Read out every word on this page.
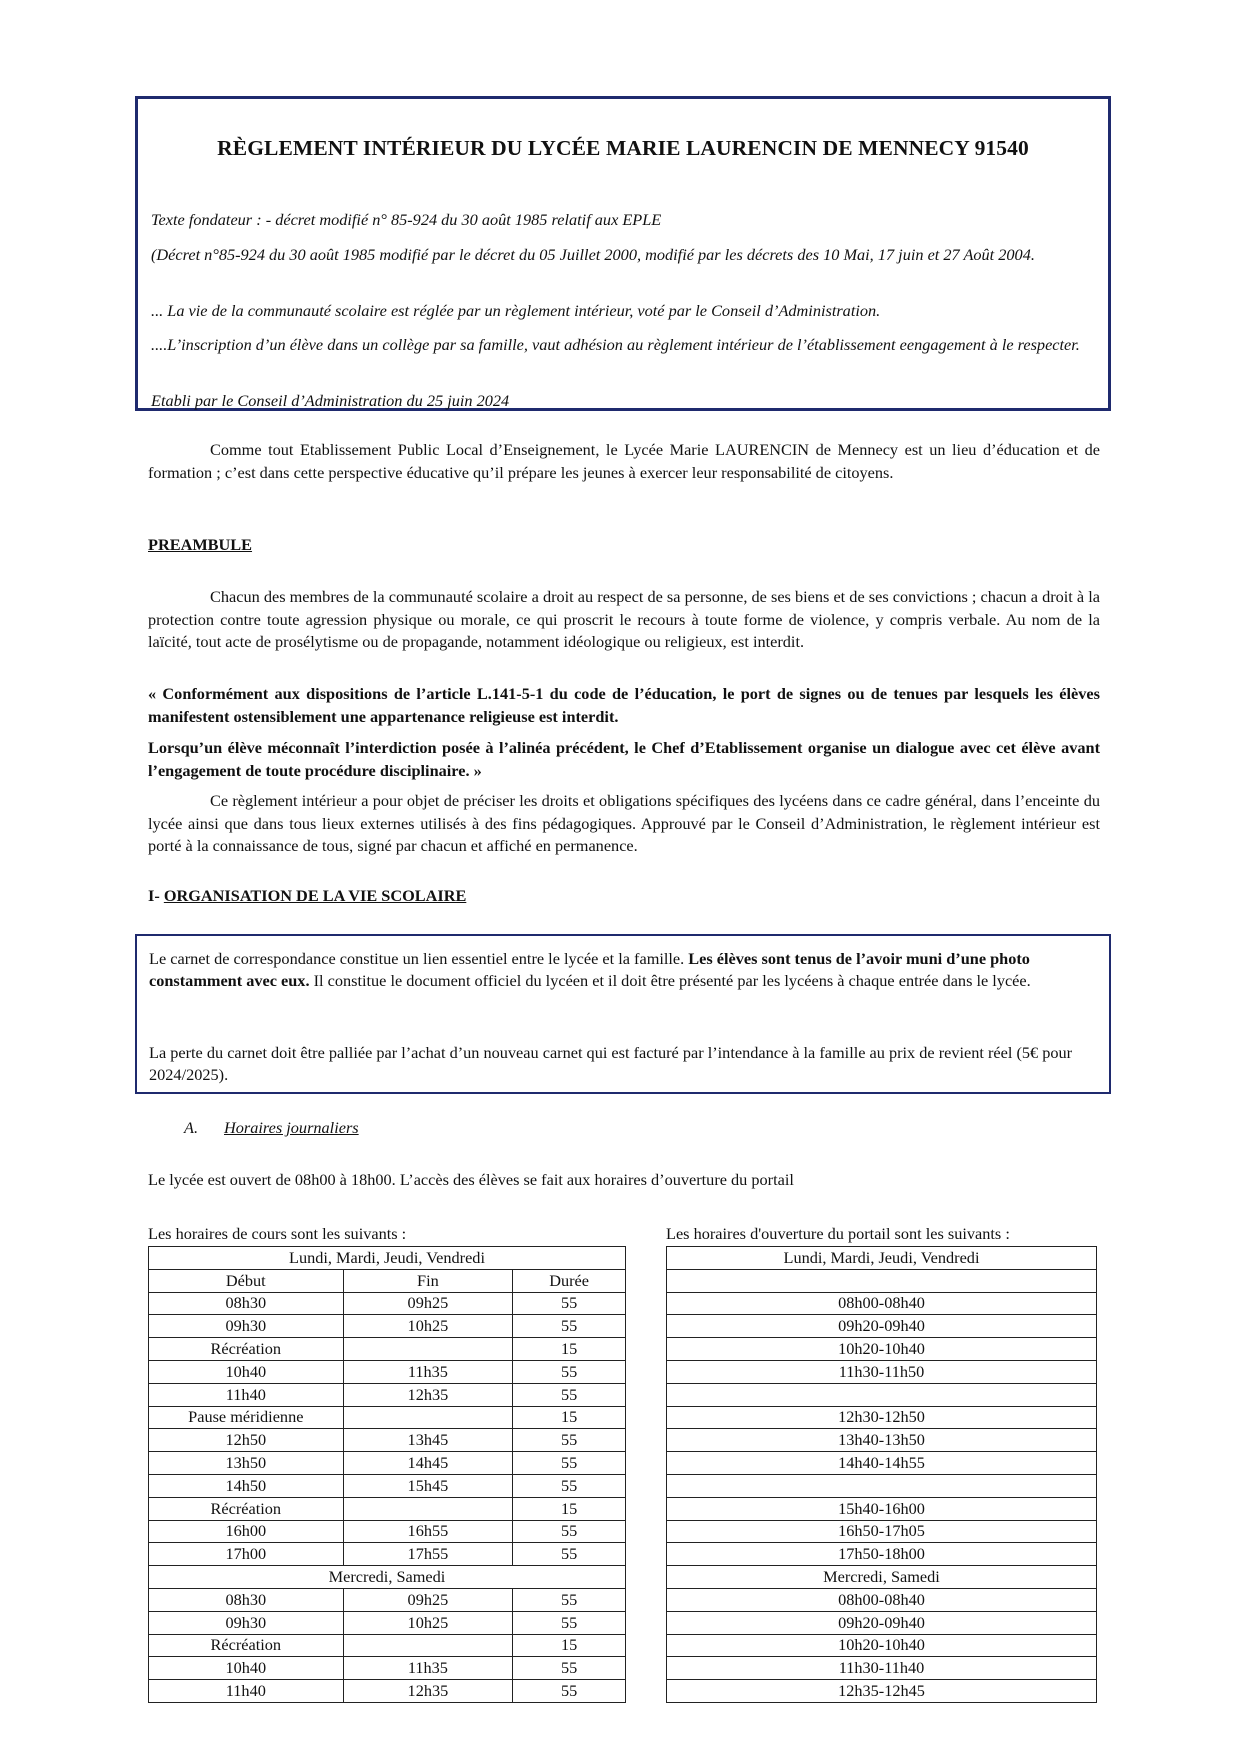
RÈGLEMENT INTÉRIEUR DU LYCÉE MARIE LAURENCIN DE MENNECY 91540

Texte fondateur : - décret modifié n° 85-924 du 30 août 1985 relatif aux EPLE

(Décret n°85-924 du 30 août 1985 modifié par le décret du 05 Juillet 2000, modifié par les décrets des 10 Mai, 17 juin et 27 Août 2004.

... La vie de la communauté scolaire est réglée par un règlement intérieur, voté par le Conseil d’Administration.

....L’inscription d’un élève dans un collège par sa famille, vaut adhésion au règlement intérieur de l’établissement eengagement à le respecter.

Etabli par le Conseil d’Administration du 25 juin 2024

Comme tout Etablissement Public Local d’Enseignement, le Lycée Marie LAURENCIN de Mennecy est un lieu d’éducation et de formation ; c’est dans cette perspective éducative qu’il prépare les jeunes à exercer leur responsabilité de citoyens.

PREAMBULE

Chacun des membres de la communauté scolaire a droit au respect de sa personne, de ses biens et de ses convictions ; chacun a droit à la protection contre toute agression physique ou morale, ce qui proscrit le recours à toute forme de violence, y compris verbale. Au nom de la laïcité, tout acte de prosélytisme ou de propagande, notamment idéologique ou religieux, est interdit.

« Conformément aux dispositions de l’article L.141-5-1 du code de l’éducation, le port de signes ou de tenues par lesquels les élèves manifestent ostensiblement une appartenance religieuse est interdit.

Lorsqu’un élève méconnaît l’interdiction posée à l’alinéa précédent, le Chef d’Etablissement organise un dialogue avec cet élève avant l’engagement de toute procédure disciplinaire. »

Ce règlement intérieur a pour objet de préciser les droits et obligations spécifiques des lycéens dans ce cadre général, dans l’enceinte du lycée ainsi que dans tous lieux externes utilisés à des fins pédagogiques. Approuvé par le Conseil d’Administration, le règlement intérieur est porté à la connaissance de tous, signé par chacun et affiché en permanence.

I- ORGANISATION DE LA VIE SCOLAIRE

Le carnet de correspondance constitue un lien essentiel entre le lycée et la famille. Les élèves sont tenus de l’avoir muni d’une photo constamment avec eux. Il constitue le document officiel du lycéen et il doit être présenté par les lycéens à chaque entrée dans le lycée.

La perte du carnet doit être palliée par l’achat d’un nouveau carnet qui est facturé par l’intendance à la famille au prix de revient réel (5€ pour 2024/2025).

A. Horaires journaliers

Le lycée est ouvert de 08h00 à 18h00. L’accès des élèves se fait aux horaires d’ouverture du portail

Les horaires de cours sont les suivants :	Les horaires d'ouverture du portail sont les suivants :

Lundi, Mardi, Jeudi, Vendredi		
Début	Fin	Durée
08h30	09h25	55
09h30	10h25	55
Récréation		15
10h40	11h35	55
11h40	12h35	55
Pause méridienne		15
12h50	13h45	55
13h50	14h45	55
14h50	15h45	55
Récréation		15
16h00	16h55	55
17h00	17h55	55
Mercredi, Samedi		
08h30	09h25	55
09h30	10h25	55
Récréation		15
10h40	11h35	55
11h40	12h35	55
Lundi, Mardi, Jeudi, Vendredi

08h00-08h40
09h20-09h40
10h20-10h40
11h30-11h50

12h30-12h50
13h40-13h50
14h40-14h55

15h40-16h00
16h50-17h05
17h50-18h00
Mercredi, Samedi
08h00-08h40
09h20-09h40
10h20-10h40
11h30-11h40
12h35-12h45
